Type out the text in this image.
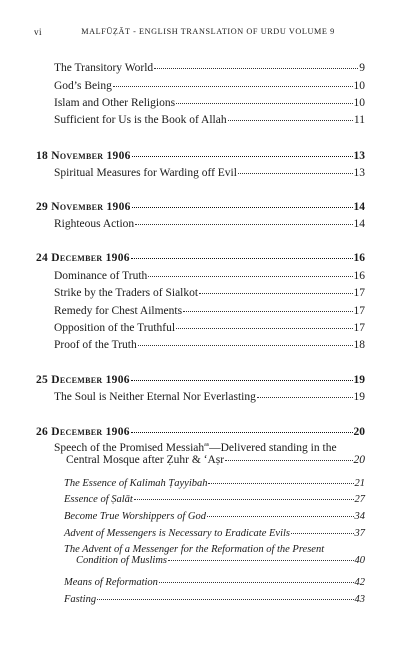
vi	MALFŪẒĀT - ENGLISH TRANSLATION OF URDU VOLUME 9
The Transitory World	9
God’s Being	10
Islam and Other Religions	10
Sufficient for Us is the Book of Allah	11
18 November 1906	13
Spiritual Measures for Warding off Evil	13
29 November 1906	14
Righteous Action	14
24 December 1906	16
Dominance of Truth	16
Strike by the Traders of Sialkot	17
Remedy for Chest Ailments	17
Opposition of the Truthful	17
Proof of the Truth	18
25 December 1906	19
The Soul is Neither Eternal Nor Everlasting	19
26 December 1906	20
Speech of the Promised Messiah$^{as}$—Delivered standing in the
Central Mosque after Ẓuhr & ‘Aṣr	20
The Essence of Kalimah Ṭayyibah	21
Essence of Ṣalāt	27
Become True Worshippers of God	34
Advent of Messengers is Necessary to Eradicate Evils	37
The Advent of a Messenger for the Reformation of the Present
Condition of Muslims	40
Means of Reformation	42
Fasting	43
